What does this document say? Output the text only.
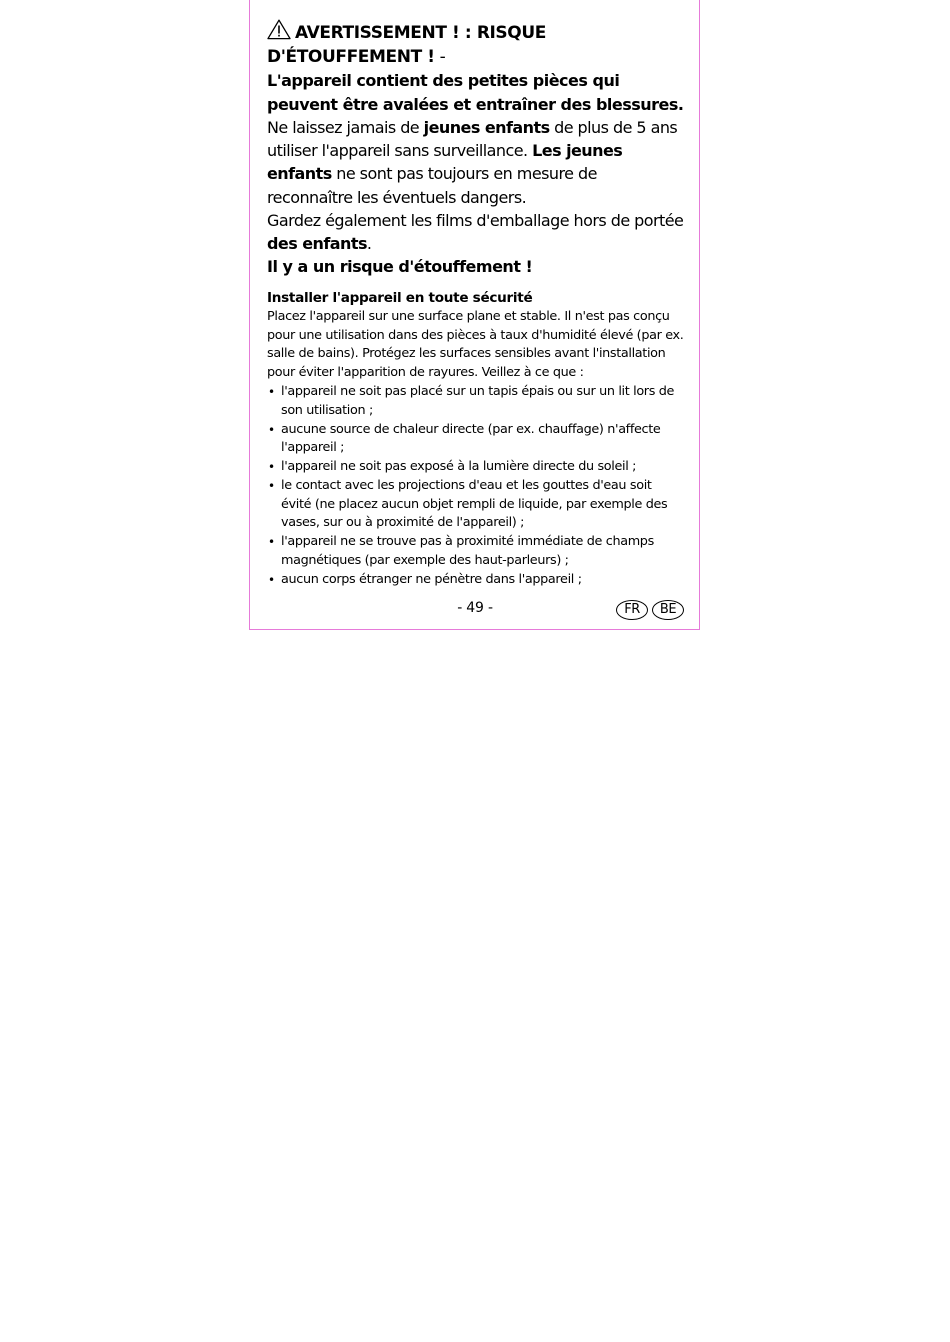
AVERTISSEMENT ! : RISQUE D'ÉTOUFFEMENT ! -

L'appareil contient des petites pièces qui peuvent être avalées et entraîner des blessures.

Ne laissez jamais de jeunes enfants de plus de 5 ans utiliser l'appareil sans surveillance. Les jeunes enfants ne sont pas toujours en mesure de reconnaître les éventuels dangers.

Gardez également les films d'emballage hors de portée des enfants.

Il y a un risque d'étouffement !

Installer l'appareil en toute sécurité

Placez l'appareil sur une surface plane et stable. Il n'est pas conçu pour une utilisation dans des pièces à taux d'humidité élevé (par ex. salle de bains). Protégez les surfaces sensibles avant l'installation pour éviter l'apparition de rayures. Veillez à ce que :

• l'appareil ne soit pas placé sur un tapis épais ou sur un lit lors de son utilisation ;
• aucune source de chaleur directe (par ex. chauffage) n'affecte l'appareil ;
• l'appareil ne soit pas exposé à la lumière directe du soleil ;
• le contact avec les projections d'eau et les gouttes d'eau soit évité (ne placez aucun objet rempli de liquide, par exemple des vases, sur ou à proximité de l'appareil) ;
• l'appareil ne se trouve pas à proximité immédiate de champs magnétiques (par exemple des haut-parleurs) ;
• aucun corps étranger ne pénètre dans l'appareil ;
- 49 -	FR	BE
